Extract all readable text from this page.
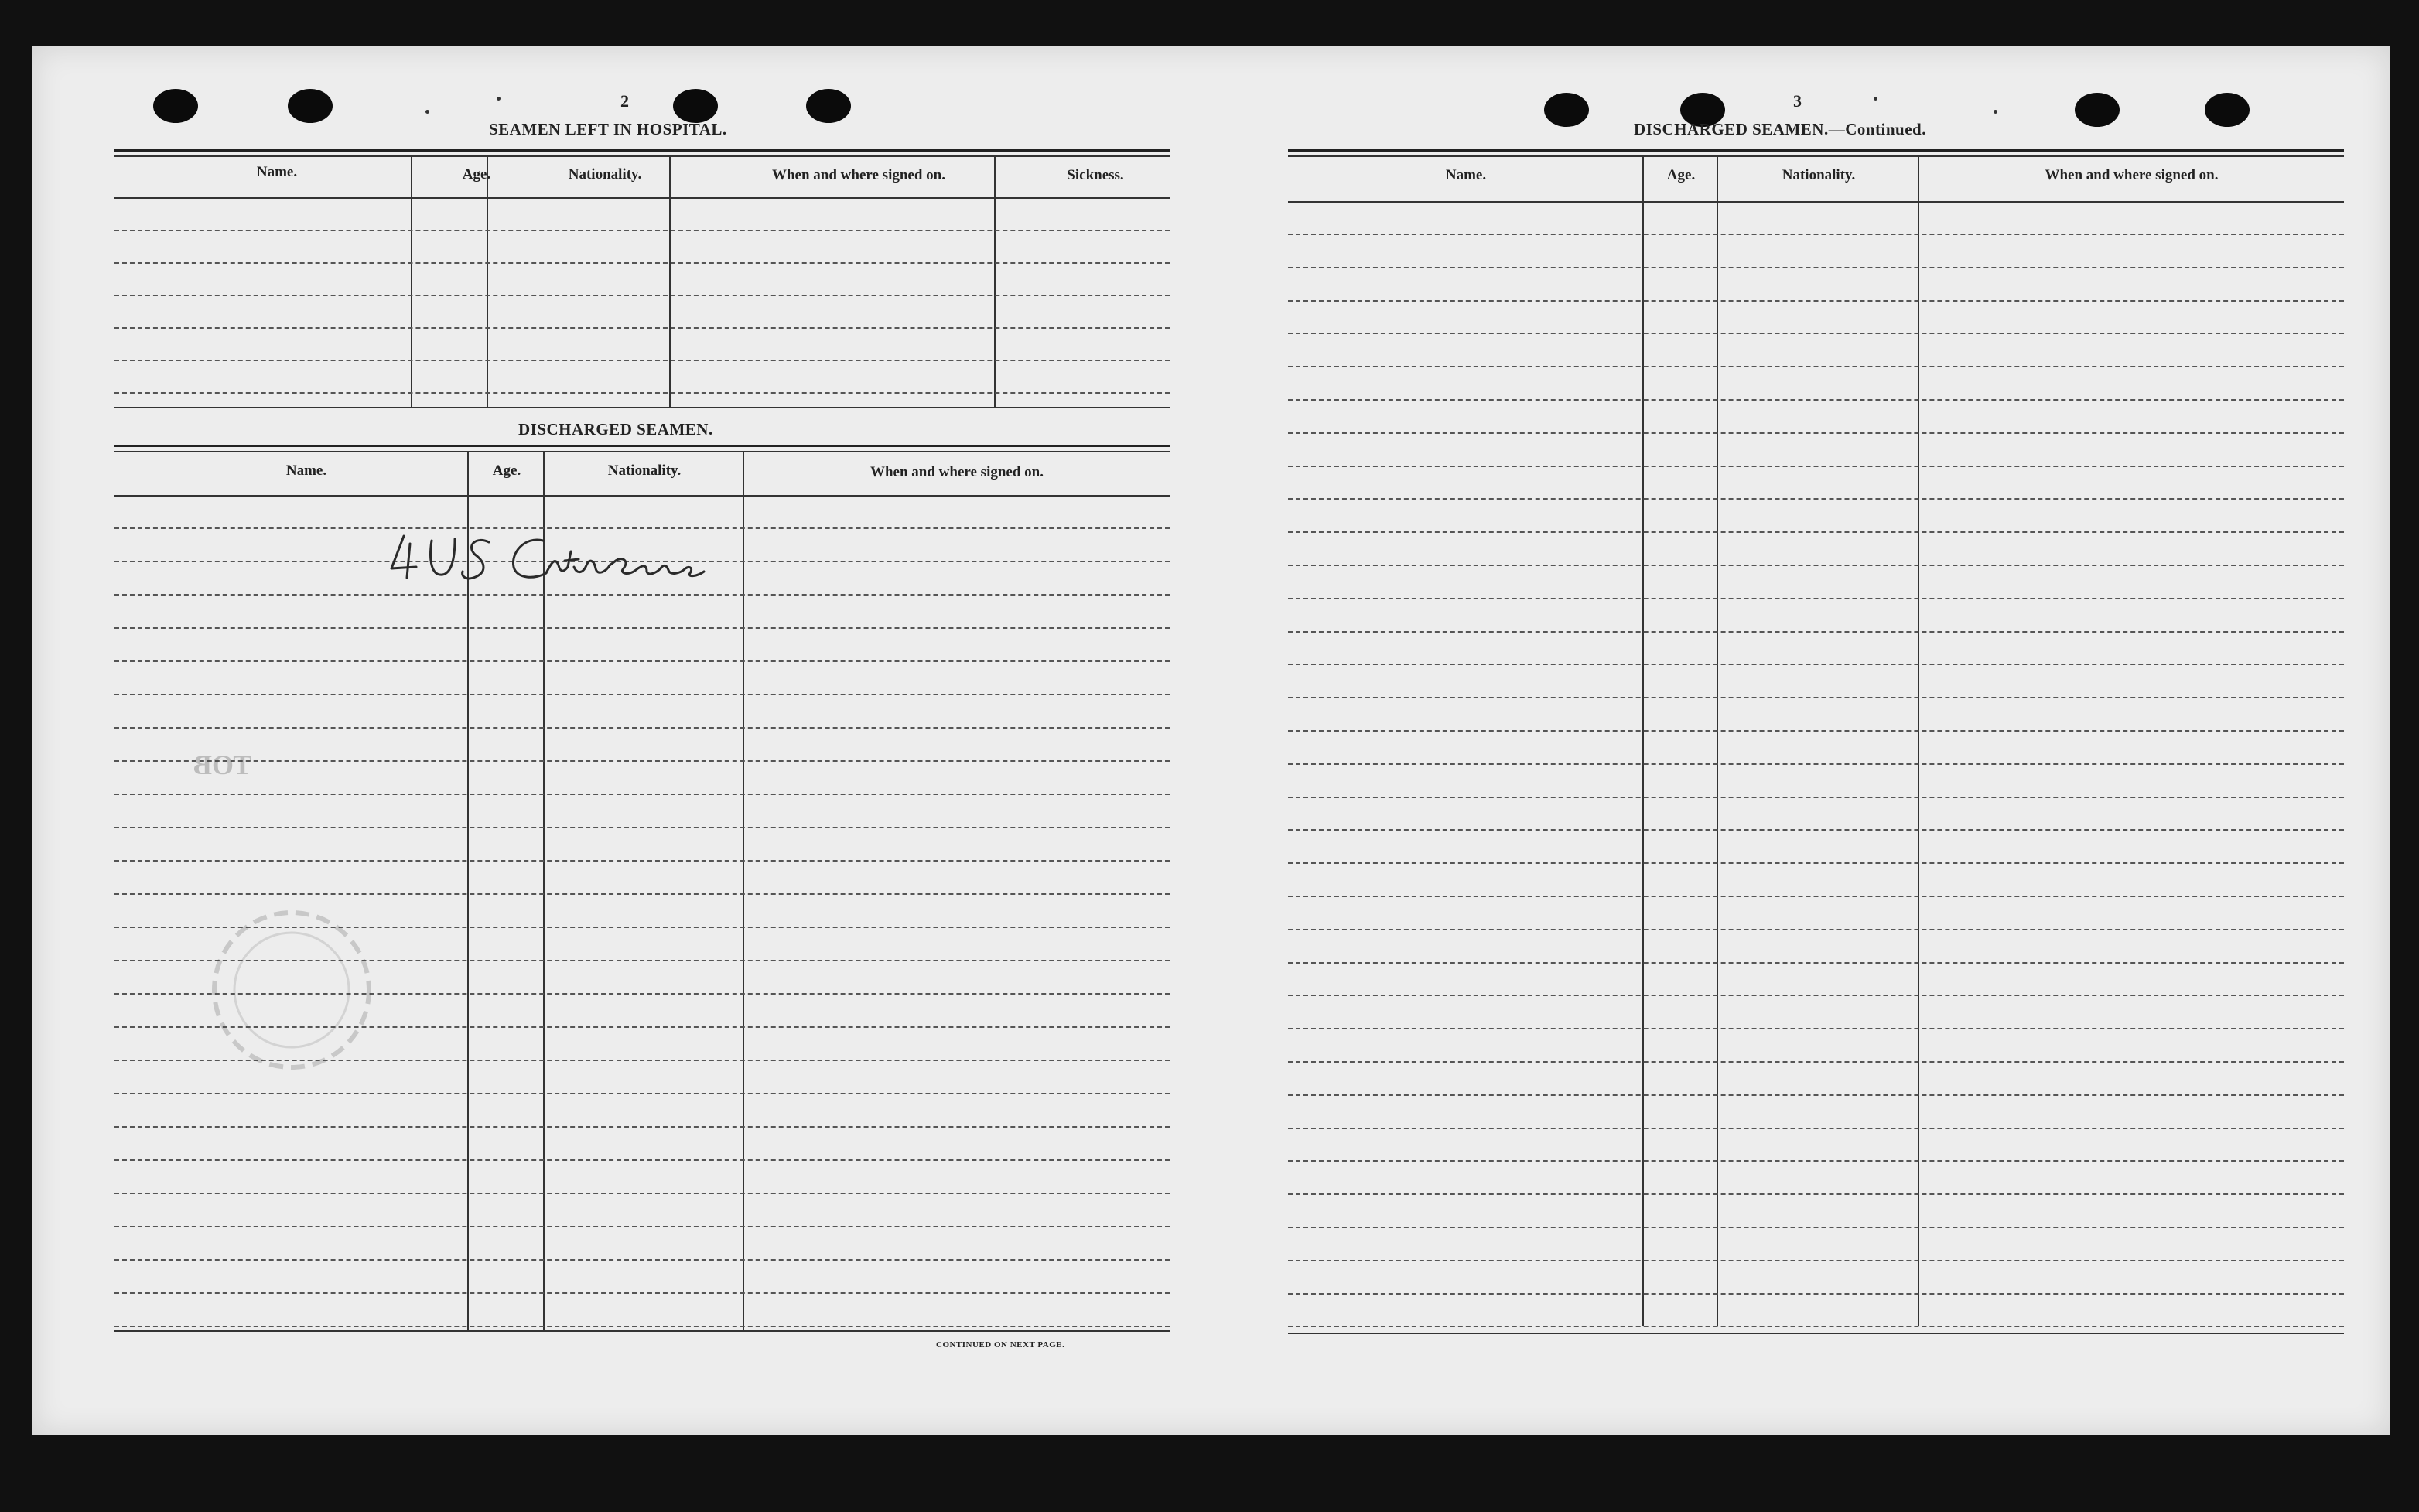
2
SEAMEN LEFT IN HOSPITAL.
Name.	Age.	Nationality.	When and where signed on.	Sickness.
DISCHARGED SEAMEN.
Name.	Age.	Nationality.	When and where signed on.
CONTINUED ON NEXT PAGE.
TOB
3
DISCHARGED SEAMEN.—Continued.
Name.	Age.	Nationality.	When and where signed on.
